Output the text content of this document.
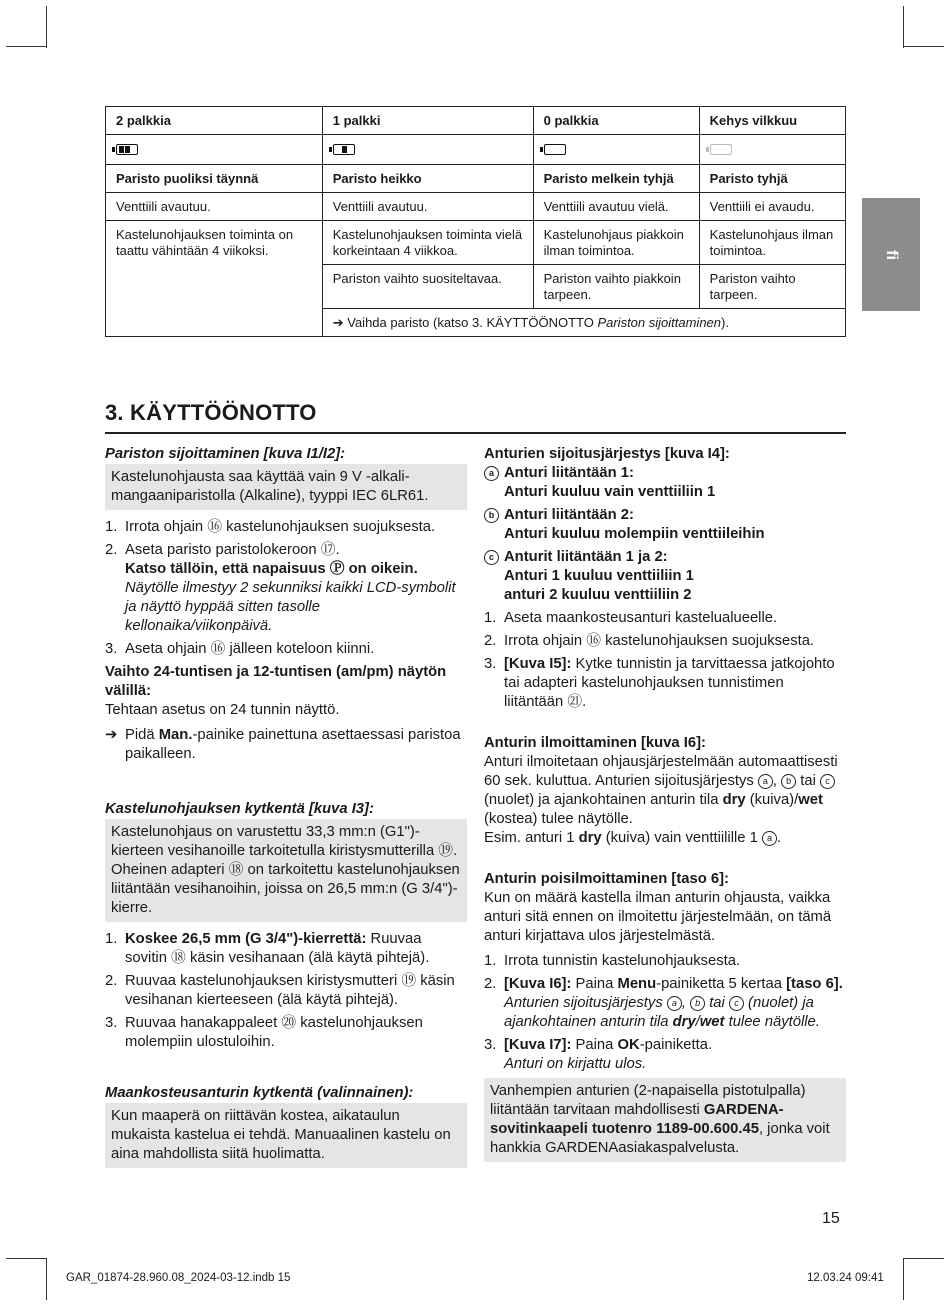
fi
2 palkkia	1 palkki	0 palkkia	Kehys vilkkuu

Paristo puoliksi täynnä	Paristo heikko	Paristo melkein tyhjä	Paristo tyhjä
Venttiili avautuu.	Venttiili avautuu.	Venttiili avautuu vielä.	Venttiili ei avaudu.
Kastelunohjauksen toiminta on taattu vähintään 4 viikoksi.	Kastelunohjauksen toiminta vielä korkeintaan 4 viikkoa.	Kastelunohjaus piakkoin ilman toimintoa.	Kastelunohjaus ilman toimintoa.
	Pariston vaihto suositeltavaa.	Pariston vaihto piakkoin tarpeen.	Pariston vaihto tarpeen.
	➔ Vaihda paristo (katso 3. KÄYTTÖÖNOTTO Pariston sijoittaminen).		
3. KÄYTTÖÖNOTTO

Pariston sijoittaminen [kuva I1/I2]:

Kastelunohjausta saa käyttää vain 9 V -alkali-mangaaniparistolla (Alkaline), tyyppi IEC 6LR61.
1. Irrota ohjain ⑯ kastelunohjauksen suojuksesta.
2. Aseta paristo paristolokeroon ⑰.
Katso tällöin, että napaisuus Ⓟ on oikein.
Näytölle ilmestyy 2 sekunniksi kaikki LCD-symbolit ja näyttö hyppää sitten tasolle kellonaika/viikonpäivä.
3. Aseta ohjain ⑯ jälleen koteloon kiinni.

Vaihto 24-tuntisen ja 12-tuntisen (am/pm) näytön välillä:

Tehtaan asetus on 24 tunnin näyttö.

➔ Pidä Man.-painike painettuna asettaessasi paristoa paikalleen.

Kastelunohjauksen kytkentä [kuva I3]:

Kastelunohjaus on varustettu 33,3 mm:n (G1")-kierteen vesihanoille tarkoitetulla kiristysmutterilla ⑲. Oheinen adapteri ⑱ on tarkoitettu kastelunohjauksen liitäntään vesihanoihin, joissa on 26,5 mm:n (G 3/4")-kierre.
1. Koskee 26,5 mm (G 3/4")-kierrettä: Ruuvaa sovitin ⑱ käsin vesihanaan (älä käytä pihtejä).
2. Ruuvaa kastelunohjauksen kiristysmutteri ⑲ käsin vesihanan kierteeseen (älä käytä pihtejä).
3. Ruuvaa hanakappaleet ⑳ kastelunohjauksen molempiin ulostuloihin.

Maankosteusanturin kytkentä (valinnainen):

Kun maaperä on riittävän kostea, aikataulun mukaista kastelua ei tehdä. Manuaalinen kastelu on aina mahdollista siitä huolimatta.

Anturien sijoitusjärjestys [kuva I4]:

a Anturi liitäntään 1:
Anturi kuuluu vain venttiiliin 1
b Anturi liitäntään 2:
Anturi kuuluu molempiin venttiileihin
c Anturit liitäntään 1 ja 2:
Anturi 1 kuuluu venttiiliin 1
anturi 2 kuuluu venttiiliin 2
1. Aseta maankosteusanturi kastelualueelle.
2. Irrota ohjain ⑯ kastelunohjauksen suojuksesta.
3. [Kuva I5]: Kytke tunnistin ja tarvittaessa jatkojohto tai adapteri kastelunohjauksen tunnistimen liitäntään ㉑.

Anturin ilmoittaminen [kuva I6]:

Anturi ilmoitetaan ohjausjärjestelmään automaattisesti 60 sek. kuluttua. Anturien sijoitusjärjestys a , b tai c (nuolet) ja ajankohtainen anturin tila dry (kuiva)/wet (kostea) tulee näytölle.
Esim. anturi 1 dry (kuiva) vain venttiilille 1 a .

Anturin poisilmoittaminen [taso 6]:

Kun on määrä kastella ilman anturin ohjausta, vaikka anturi sitä ennen on ilmoitettu järjestelmään, on tämä anturi kirjattava ulos järjestelmästä.

1. Irrota tunnistin kastelunohjauksesta.
2. [Kuva I6]: Paina Menu-painiketta 5 kertaa [taso 6].
Anturien sijoitusjärjestys a , b tai c (nuolet) ja ajankohtainen anturin tila dry/wet tulee näytölle.
3. [Kuva I7]: Paina OK-painiketta.
Anturi on kirjattu ulos.
Vanhempien anturien (2-napaisella pistotulpalla) liitäntään tarvitaan mahdollisesti GARDENA-sovitinkaapeli tuotenro 1189-00.600.45, jonka voit hankkia GARDENAasiakaspalvelusta.
15
GAR_01874-28.960.08_2024-03-12.indb 15	12.03.24 09:41
